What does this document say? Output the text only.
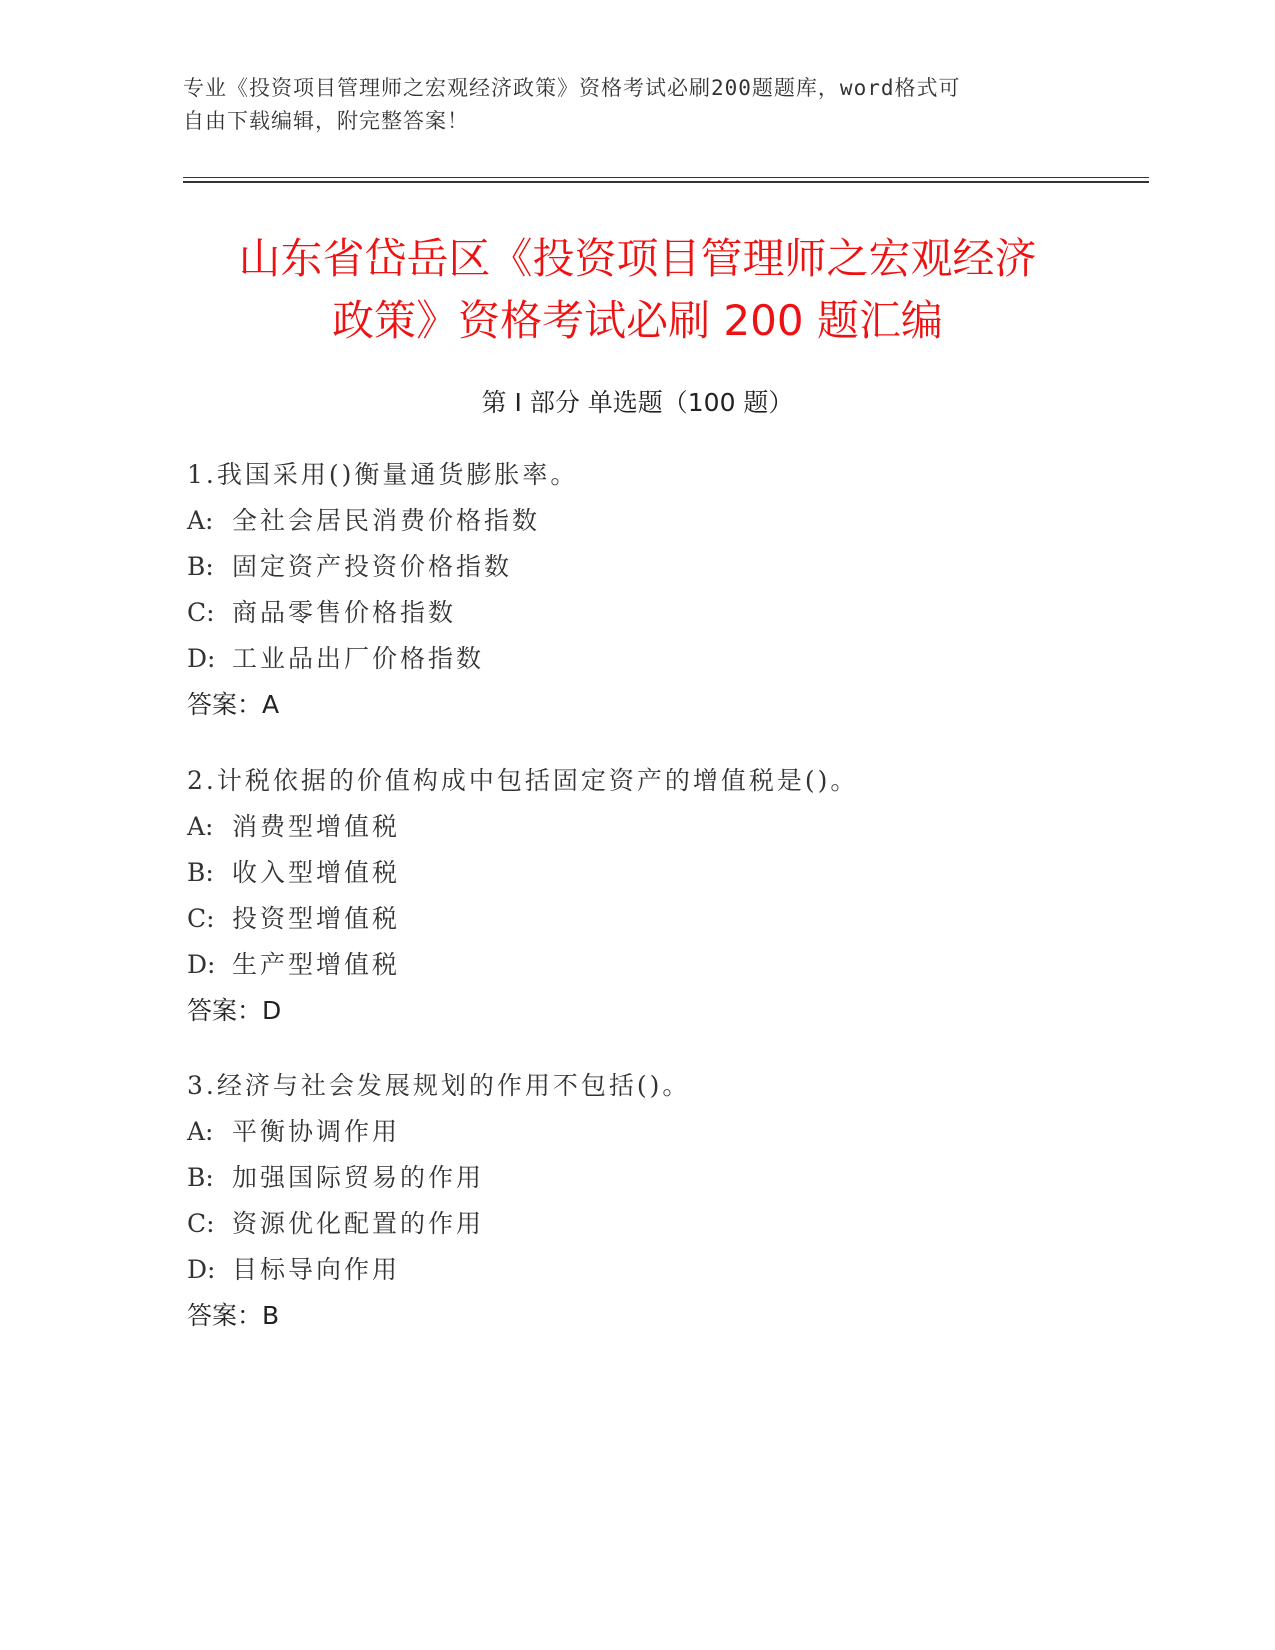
专业《投资项目管理师之宏观经济政策》资格考试必刷200题题库，word格式可
自由下载编辑，附完整答案！
山东省岱岳区《投资项目管理师之宏观经济
政策》资格考试必刷 200 题汇编
第 I 部分 单选题（100 题）
1.我国采用()衡量通货膨胀率。
A: 全社会居民消费价格指数
B: 固定资产投资价格指数
C: 商品零售价格指数
D: 工业品出厂价格指数
答案：A
2.计税依据的价值构成中包括固定资产的增值税是()。
A: 消费型增值税
B: 收入型增值税
C: 投资型增值税
D: 生产型增值税
答案：D
3.经济与社会发展规划的作用不包括()。
A: 平衡协调作用
B: 加强国际贸易的作用
C: 资源优化配置的作用
D: 目标导向作用
答案：B
